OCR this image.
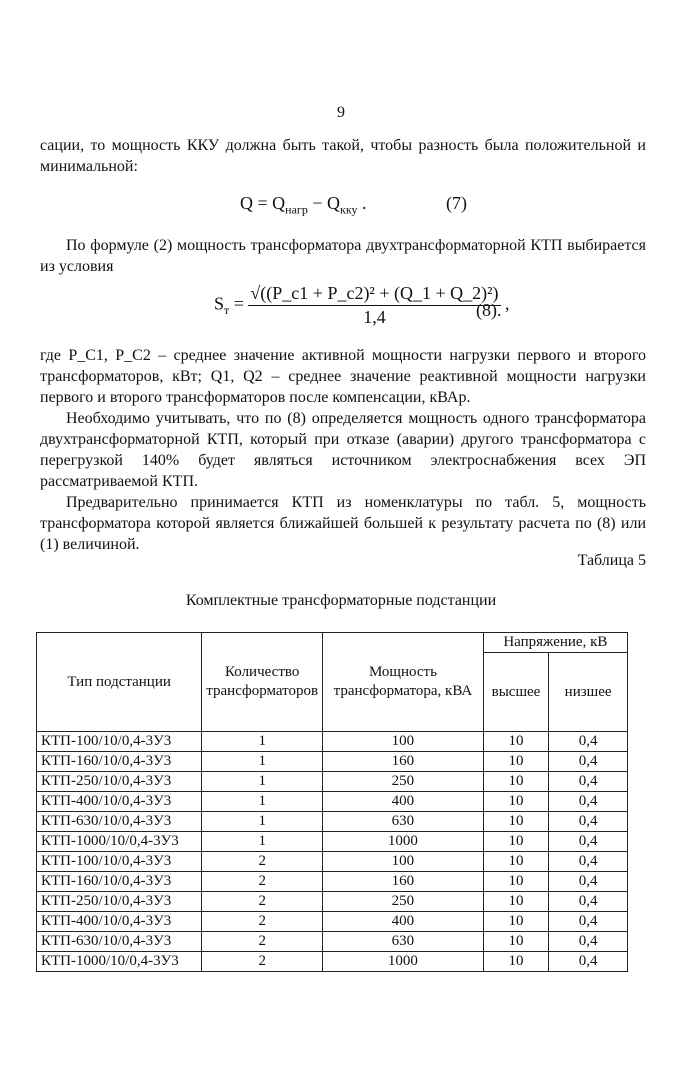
9

сации, то мощность ККУ должна быть такой, чтобы разность была положительной и минимальной:

$Q = Q_{нагр} - Q_{кку}$ .	(7)

По формуле (2) мощность трансформатора двухтрансформаторной КТП выбирается из условия

$S_т = \frac{\text{√((P\_c1 + P\_c2)² + (Q\_1 + Q\_2)²)}}{1,4}$ ,
(8).

где P_C1, P_C2 – среднее значение активной мощности нагрузки первого и второго трансформаторов, кВт; Q1, Q2 – среднее значение реактивной мощности нагрузки первого и второго трансформаторов после компенсации, кВАр.

Необходимо учитывать, что по (8) определяется мощность одного трансформатора двухтрансформаторной КТП, который при отказе (аварии) другого трансформатора с перегрузкой 140% будет являться источником электроснабжения всех ЭП рассматриваемой КТП.

Предварительно принимается КТП из номенклатуры по табл. 5, мощность трансформатора которой является ближайшей большей к результату расчета по (8) или (1) величиной.

Таблица 5
Комплектные трансформаторные подстанции
Тип подстанции	Количество трансформаторов	Мощность трансформатора, кВА	Напряжение, кВ	
			высшее	низшее
КТП-100/10/0,4-3У3	1	100	10	0,4
КТП-160/10/0,4-3У3	1	160	10	0,4
КТП-250/10/0,4-3У3	1	250	10	0,4
КТП-400/10/0,4-3У3	1	400	10	0,4
КТП-630/10/0,4-3У3	1	630	10	0,4
КТП-1000/10/0,4-3У3	1	1000	10	0,4
КТП-100/10/0,4-3У3	2	100	10	0,4
КТП-160/10/0,4-3У3	2	160	10	0,4
КТП-250/10/0,4-3У3	2	250	10	0,4
КТП-400/10/0,4-3У3	2	400	10	0,4
КТП-630/10/0,4-3У3	2	630	10	0,4
КТП-1000/10/0,4-3У3	2	1000	10	0,4
